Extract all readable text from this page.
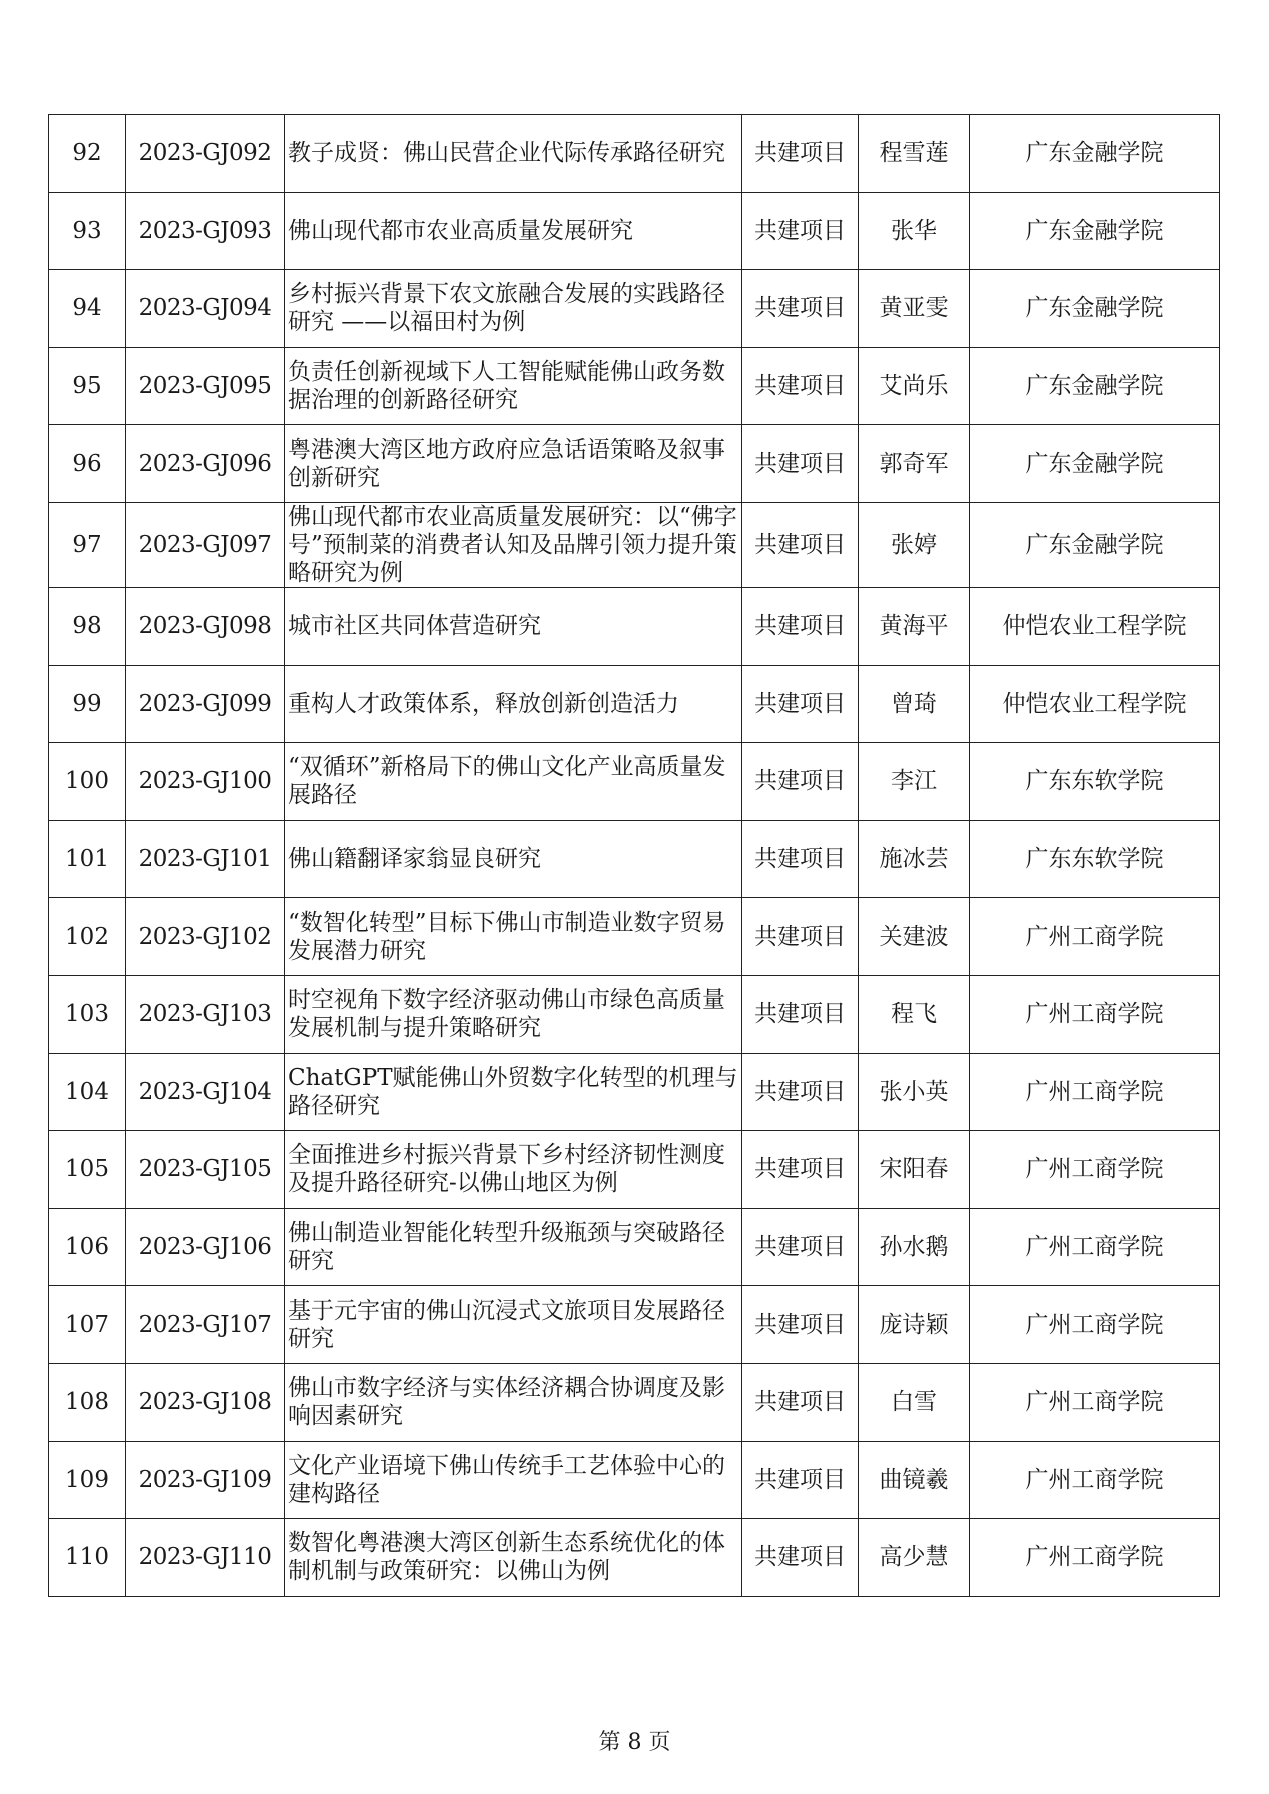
92	2023-GJ092	教子成贤：佛山民营企业代际传承路径研究	共建项目	程雪莲	广东金融学院
93	2023-GJ093	佛山现代都市农业高质量发展研究	共建项目	张华	广东金融学院
94	2023-GJ094	乡村振兴背景下农文旅融合发展的实践路径研究 ——以福田村为例	共建项目	黄亚雯	广东金融学院
95	2023-GJ095	负责任创新视域下人工智能赋能佛山政务数据治理的创新路径研究	共建项目	艾尚乐	广东金融学院
96	2023-GJ096	粤港澳大湾区地方政府应急话语策略及叙事创新研究	共建项目	郭奇军	广东金融学院
97	2023-GJ097	佛山现代都市农业高质量发展研究：以“佛字号”预制菜的消费者认知及品牌引领力提升策略研究为例	共建项目	张婷	广东金融学院
98	2023-GJ098	城市社区共同体营造研究	共建项目	黄海平	仲恺农业工程学院
99	2023-GJ099	重构人才政策体系，释放创新创造活力	共建项目	曾琦	仲恺农业工程学院
100	2023-GJ100	“双循环”新格局下的佛山文化产业高质量发展路径	共建项目	李江	广东东软学院
101	2023-GJ101	佛山籍翻译家翁显良研究	共建项目	施冰芸	广东东软学院
102	2023-GJ102	“数智化转型”目标下佛山市制造业数字贸易发展潜力研究	共建项目	关建波	广州工商学院
103	2023-GJ103	时空视角下数字经济驱动佛山市绿色高质量发展机制与提升策略研究	共建项目	程飞	广州工商学院
104	2023-GJ104	ChatGPT赋能佛山外贸数字化转型的机理与路径研究	共建项目	张小英	广州工商学院
105	2023-GJ105	全面推进乡村振兴背景下乡村经济韧性测度及提升路径研究-以佛山地区为例	共建项目	宋阳春	广州工商学院
106	2023-GJ106	佛山制造业智能化转型升级瓶颈与突破路径研究	共建项目	孙水鹅	广州工商学院
107	2023-GJ107	基于元宇宙的佛山沉浸式文旅项目发展路径研究	共建项目	庞诗颖	广州工商学院
108	2023-GJ108	佛山市数字经济与实体经济耦合协调度及影响因素研究	共建项目	白雪	广州工商学院
109	2023-GJ109	文化产业语境下佛山传统手工艺体验中心的建构路径	共建项目	曲镜羲	广州工商学院
110	2023-GJ110	数智化粤港澳大湾区创新生态系统优化的体制机制与政策研究：以佛山为例	共建项目	高少慧	广州工商学院
第 8 页
